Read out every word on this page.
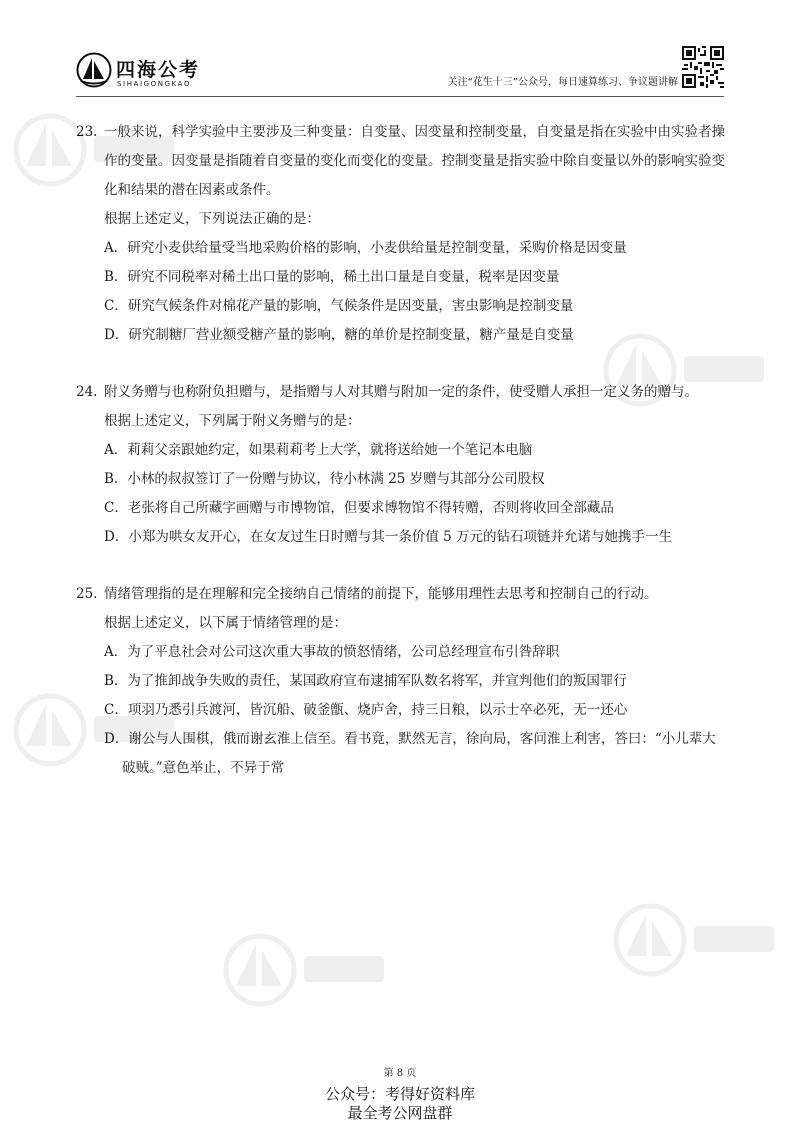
四海公考
SIHAIGONGKAO	关注“花生十三”公众号，每日速算练习、争议题讲解

23. 一般来说，科学实验中主要涉及三种变量：自变量、因变量和控制变量，自变量是指在实验中由实验者操作的变量。因变量是指随着自变量的变化而变化的变量。控制变量是指实验中除自变量以外的影响实验变化和结果的潜在因素或条件。

根据上述定义，下列说法正确的是：

A．研究小麦供给量受当地采购价格的影响，小麦供给量是控制变量，采购价格是因变量

B．研究不同税率对稀土出口量的影响，稀土出口量是自变量，税率是因变量

C．研究气候条件对棉花产量的影响，气候条件是因变量，害虫影响是控制变量

D．研究制糖厂营业额受糖产量的影响，糖的单价是控制变量，糖产量是自变量

24. 附义务赠与也称附负担赠与，是指赠与人对其赠与附加一定的条件，使受赠人承担一定义务的赠与。

根据上述定义，下列属于附义务赠与的是：

A．莉莉父亲跟她约定，如果莉莉考上大学，就将送给她一个笔记本电脑

B．小林的叔叔签订了一份赠与协议，待小林满 25 岁赠与其部分公司股权

C．老张将自己所藏字画赠与市博物馆，但要求博物馆不得转赠，否则将收回全部藏品

D．小郑为哄女友开心，在女友过生日时赠与其一条价值 5 万元的钻石项链并允诺与她携手一生

25. 情绪管理指的是在理解和完全接纳自己情绪的前提下，能够用理性去思考和控制自己的行动。

根据上述定义，以下属于情绪管理的是：

A．为了平息社会对公司这次重大事故的愤怒情绪，公司总经理宣布引咎辞职

B．为了推卸战争失败的责任，某国政府宣布逮捕军队数名将军，并宣判他们的叛国罪行

C．项羽乃悉引兵渡河，皆沉船、破釜甑、烧庐舍，持三日粮，以示士卒必死，无一还心

D．谢公与人围棋，俄而谢玄淮上信至。看书竟，默然无言，徐向局，客问淮上利害，答曰：“小儿辈大破贼。”意色举止，不异于常

第 8 页
公众号：考得好资料库
最全考公网盘群
